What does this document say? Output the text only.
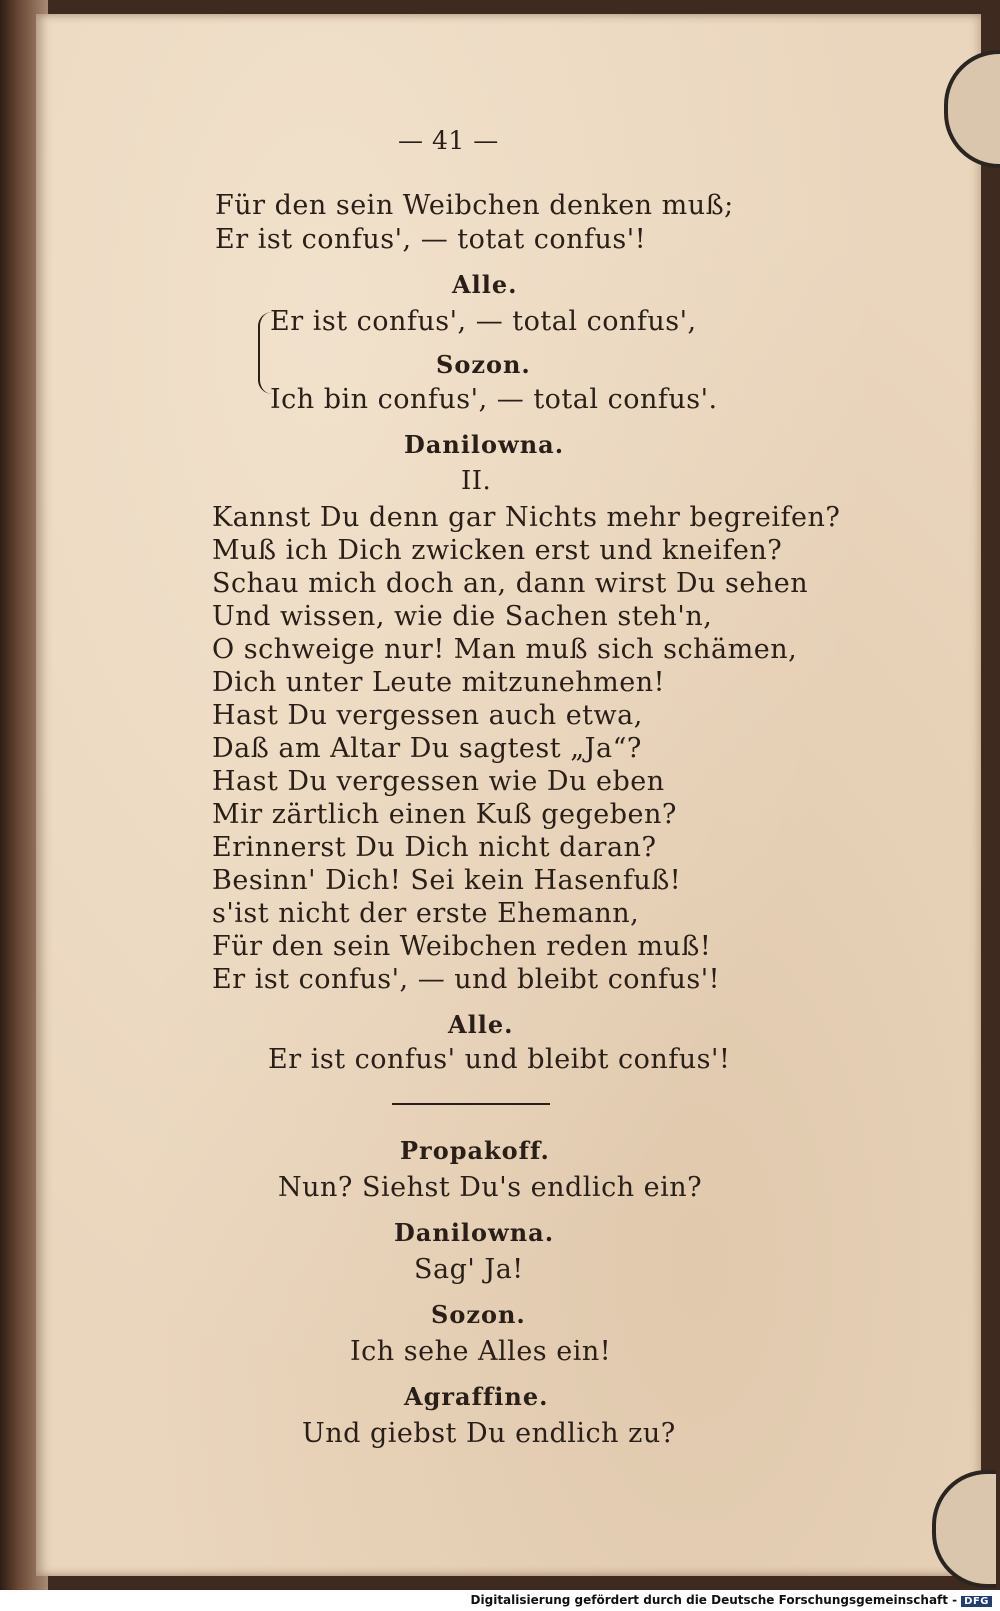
— 41 —
Für den sein Weibchen denken muß;
Er ist confus', — totat confus'!
Alle.
Er ist confus', — total confus',
Sozon.
Ich bin confus', — total confus'.
Danilowna.
II.
Kannst Du denn gar Nichts mehr begreifen?
Muß ich Dich zwicken erst und kneifen?
Schau mich doch an, dann wirst Du sehen
Und wissen, wie die Sachen steh'n,
O schweige nur! Man muß sich schämen,
Dich unter Leute mitzunehmen!
Hast Du vergessen auch etwa,
Daß am Altar Du sagtest „Ja“?
Hast Du vergessen wie Du eben
Mir zärtlich einen Kuß gegeben?
Erinnerst Du Dich nicht daran?
Besinn' Dich! Sei kein Hasenfuß!
s'ist nicht der erste Ehemann,
Für den sein Weibchen reden muß!
Er ist confus', — und bleibt confus'!
Alle.
Er ist confus' und bleibt confus'!
Propakoff.
Nun? Siehst Du's endlich ein?
Danilowna.
Sag' Ja!
Sozon.
Ich sehe Alles ein!
Agraffine.
Und giebst Du endlich zu?
Digitalisierung gefördert durch die Deutsche Forschungsgemeinschaft - DFG
